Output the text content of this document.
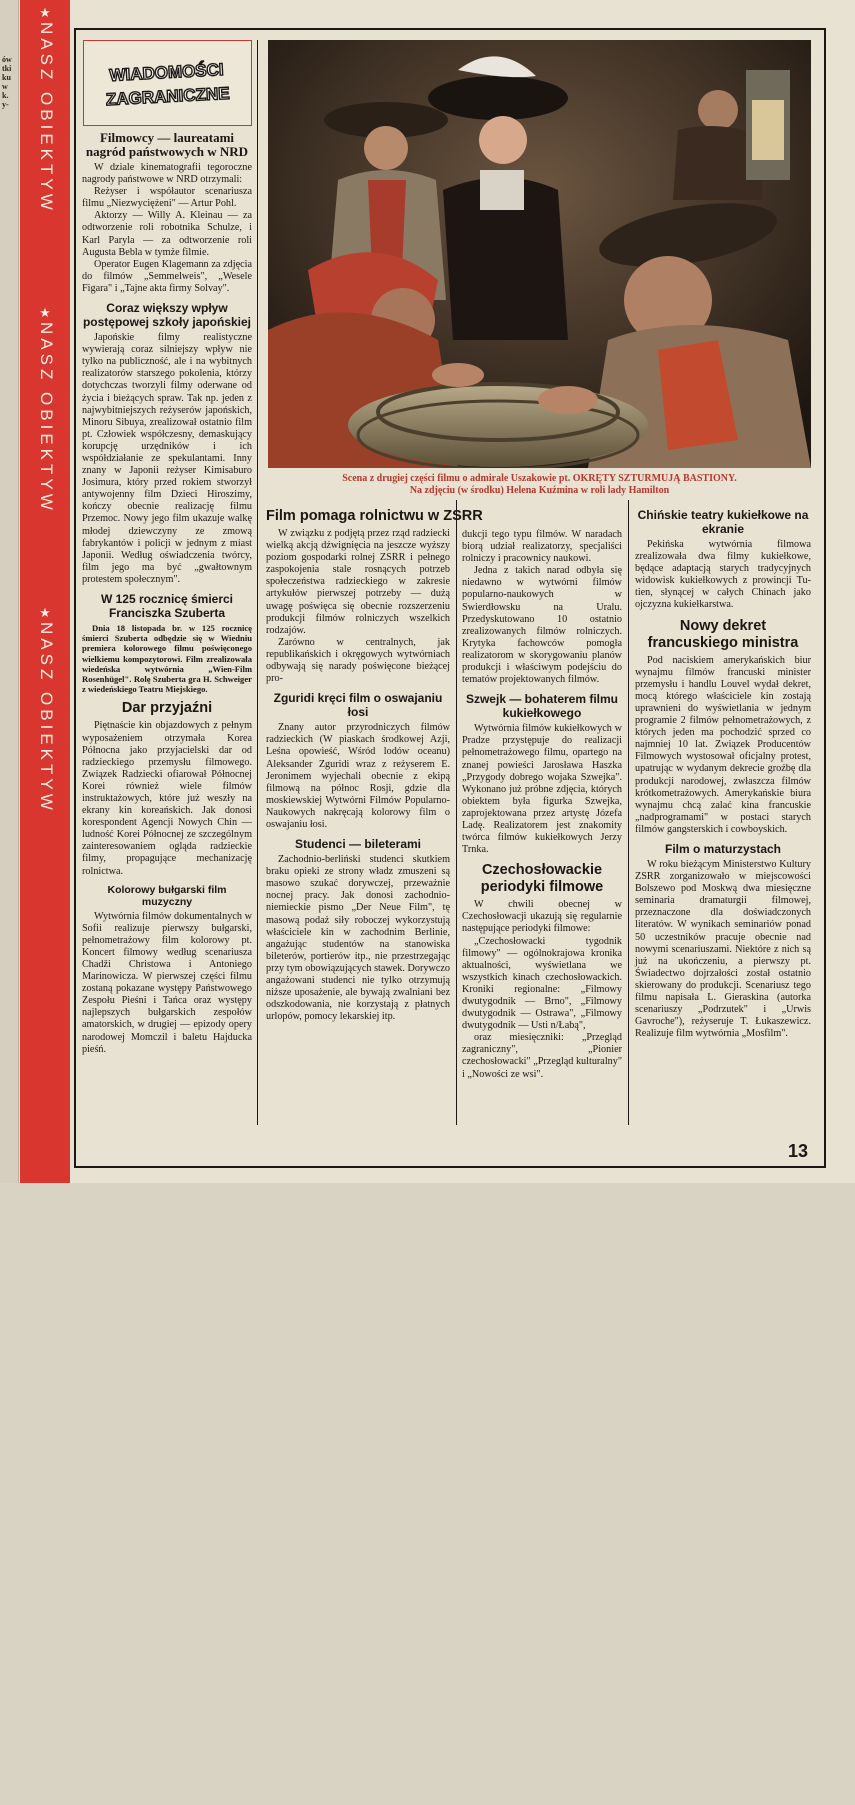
ów
tki
ku
w
k.
y-
★
NASZ OBIEKTYW
★
NASZ OBIEKTYW
★
NASZ OBIEKTYW
WIADOMOŚCI
ZAGRANICZNE
Scena z drugiej części filmu o admirale Uszakowie pt. OKRĘTY SZTURMUJĄ BASTIONY.
Na zdjęciu (w środku) Helena Kuźmina w roli lady Hamilton
Filmowcy — laureatami nagród państwowych w NRD

W dziale kinematografii tegoroczne nagrody państwowe w NRD otrzymali:

Reżyser i współautor scenariusza filmu „Niezwyciężeni" — Artur Pohl.

Aktorzy — Willy A. Kleinau — za odtworzenie roli robotnika Schulze, i Karl Paryla — za odtworzenie roli Augusta Bebla w tymże filmie.

Operator Eugen Klagemann za zdjęcia do filmów „Semmelweis", „Wesele Figara" i „Tajne akta firmy Solvay".

Coraz większy wpływ postępowej szkoły japońskiej

Japońskie filmy realistyczne wywierają coraz silniejszy wpływ nie tylko na publiczność, ale i na wybitnych realizatorów starszego pokolenia, którzy dotychczas tworzyli filmy oderwane od życia i bieżących spraw. Tak np. jeden z najwybitniejszych reżyserów japońskich, Minoru Sibuya, zrealizował ostatnio film pt. Człowiek współczesny, demaskujący korupcję urzędników i ich współdziałanie ze spekulantami. Inny znany w Japonii reżyser Kimisaburo Josimura, który przed rokiem stworzył antywojenny film Dzieci Hiroszimy, kończy obecnie realizację filmu Przemoc. Nowy jego film ukazuje walkę młodej dziewczyny ze zmową fabrykantów i policji w jednym z miast Japonii. Według oświadczenia twórcy, film jego ma być „gwałtownym protestem społecznym".

W 125 rocznicę śmierci Franciszka Szuberta

Dnia 18 listopada br. w 125 rocznicę śmierci Szuberta odbędzie się w Wiedniu premiera kolorowego filmu poświęconego wielkiemu kompozytorowi. Film zrealizowała wiedeńska wytwórnia „Wien-Film Rosenhügel". Rolę Szuberta gra H. Schweiger z wiedeńskiego Teatru Miejskiego.

Dar przyjaźni

Piętnaście kin objazdowych z pełnym wyposażeniem otrzymała Korea Północna jako przyjacielski dar od radzieckiego przemysłu filmowego. Związek Radziecki ofiarował Północnej Korei również wiele filmów instruktażowych, które już weszły na ekrany kin koreańskich. Jak donosi korespondent Agencji Nowych Chin — ludność Korei Północnej ze szczególnym zainteresowaniem ogląda radzieckie filmy, propagujące mechanizację rolnictwa.

Kolorowy bułgarski film muzyczny

Wytwórnia filmów dokumentalnych w Sofii realizuje pierwszy bułgarski, pełnometrażowy film kolorowy pt. Koncert filmowy według scenariusza Chadži Christowa i Antoniego Marinowicza. W pierwszej części filmu zostaną pokazane występy Państwowego Zespołu Pieśni i Tańca oraz występy najlepszych bułgarskich zespołów amatorskich, w drugiej — epizody opery narodowej Momczil i baletu Hajducka pieśń.

Film pomaga rolnictwu w ZSRR

W związku z podjętą przez rząd radziecki wielką akcją dźwignięcia na jeszcze wyższy poziom gospodarki rolnej ZSRR i pełnego zaspokojenia stale rosnących potrzeb społeczeństwa radzieckiego w zakresie artykułów pierwszej potrzeby — dużą uwagę poświęca się obecnie rozszerzeniu produkcji filmów rolniczych wszelkich rodzajów.

Zarówno w centralnych, jak republikańskich i okręgowych wytwórniach odbywają się narady poświęcone bieżącej pro-

Zguridi kręci film o oswajaniu łosi

Znany autor przyrodniczych filmów radzieckich (W piaskach środkowej Azji, Leśna opowieść, Wśród lodów oceanu) Aleksander Zguridi wraz z reżyserem E. Jeronimem wyjechali obecnie z ekipą filmową na północ Rosji, gdzie dla moskiewskiej Wytwórni Filmów Popularno-Naukowych nakręcają kolorowy film o oswajaniu łosi.

Studenci — bileterami

Zachodnio-berliński studenci skutkiem braku opieki ze strony władz zmuszeni są masowo szukać dorywczej, przeważnie nocnej pracy. Jak donosi zachodnio-niemieckie pismo „Der Neue Film", tę masową podaż siły roboczej wykorzystują właściciele kin w zachodnim Berlinie, angażując studentów na stanowiska bileterów, portierów itp., nie przestrzegając przy tym obowiązujących stawek. Dorywczo angażowani studenci nie tylko otrzymują niższe uposażenie, ale bywają zwalniani bez odszkodowania, nie korzystają z płatnych urlopów, pomocy lekarskiej itp.

dukcji tego typu filmów. W naradach biorą udział realizatorzy, specjaliści rolniczy i pracownicy naukowi.

Jedna z takich narad odbyła się niedawno w wytwórni filmów popularno-naukowych w Swierdłowsku na Uralu. Przedyskutowano 10 ostatnio zrealizowanych filmów rolniczych. Krytyka fachowców pomogła realizatorom w skorygowaniu planów produkcji i właściwym podejściu do tematów projektowanych filmów.

Szwejk — bohaterem filmu kukiełkowego

Wytwórnia filmów kukiełkowych w Pradze przystępuje do realizacji pełnometrażowego filmu, opartego na znanej powieści Jarosława Haszka „Przygody dobrego wojaka Szwejka". Wykonano już próbne zdjęcia, których obiektem była figurka Szwejka, zaprojektowana przez artystę Józefa Ladę. Realizatorem jest znakomity twórca filmów kukiełkowych Jerzy Trnka.

Czechosłowackie periodyki filmowe

W chwili obecnej w Czechosłowacji ukazują się regularnie następujące periodyki filmowe:

„Czechosłowacki tygodnik filmowy" — ogólnokrajowa kronika aktualności, wyświetlana we wszystkich kinach czechosłowackich. Kroniki regionalne: „Filmowy dwutygodnik — Brno", „Filmowy dwutygodnik — Ostrawa", „Filmowy dwutygodnik — Usti n/Łabą",

oraz miesięczniki: „Przegląd zagraniczny", „Pionier czechosłowacki" „Przegląd kulturalny" i „Nowości ze wsi".

Chińskie teatry kukiełkowe na ekranie

Pekińska wytwórnia filmowa zrealizowała dwa filmy kukiełkowe, będące adaptacją starych tradycyjnych widowisk kukiełkowych z prowincji Tu-tien, słynącej w całych Chinach jako ojczyzna kukiełkarstwa.

Nowy dekret francuskiego ministra

Pod naciskiem amerykańskich biur wynajmu filmów francuski minister przemysłu i handlu Louvel wydał dekret, mocą którego właściciele kin zostają uprawnieni do wyświetlania w jednym programie 2 filmów pełnometrażowych, z których jeden ma pochodzić sprzed co najmniej 10 lat. Związek Producentów Filmowych wystosował oficjalny protest, upatrując w wydanym dekrecie groźbę dla produkcji narodowej, zwłaszcza filmów krótkometrażowych. Amerykańskie biura wynajmu chcą zalać kina francuskie „nadprogramami" w postaci starych filmów gangsterskich i cowboyskich.

Film o maturzystach

W roku bieżącym Ministerstwo Kultury ZSRR zorganizowało w miejscowości Bolszewo pod Moskwą dwa miesięczne seminaria dramaturgii filmowej, przeznaczone dla doświadczonych literatów. W wynikach seminariów ponad 50 uczestników pracuje obecnie nad nowymi scenariuszami. Niektóre z nich są już na ukończeniu, a pierwszy pt. Świadectwo dojrzałości został ostatnio skierowany do produkcji. Scenariusz tego filmu napisała L. Gieraskina (autorka scenariuszy „Podrzutek" i „Urwis Gavroche"), reżyseruje T. Łukaszewicz. Realizuje film wytwórnia „Mosfilm".

13
